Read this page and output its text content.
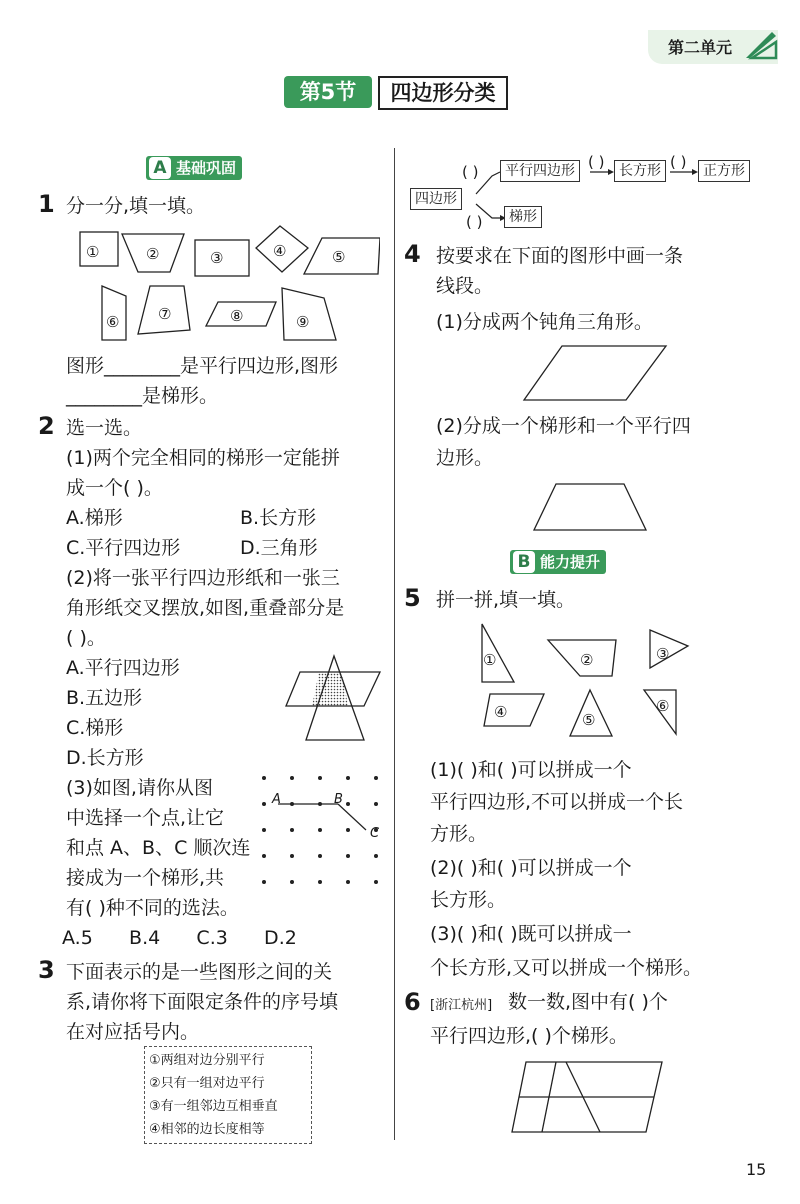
第二单元
第5节	四边形分类
A 基础巩固
1 分一分,填一填。
①	②	③	④	⑤
⑥	⑦	⑧	⑨
图形________是平行四边形,图形
________是梯形。
2 选一选。
(1)两个完全相同的梯形一定能拼
成一个( )。
A.梯形	B.长方形
C.平行四边形	D.三角形
(2)将一张平行四边形纸和一张三
角形纸交叉摆放,如图,重叠部分是
( )。
A.平行四边形
B.五边形
C.梯形
D.长方形
(3)如图,请你从图
中选择一个点,让它
和点 A、B、C 顺次连
接成为一个梯形,共
有( )种不同的选法。
A.5      B.4      C.3      D.2
A	B
C
3 下面表示的是一些图形之间的关
系,请你将下面限定条件的序号填
在对应括号内。
①两组对边分别平行
②只有一组对边平行
③有一组邻边互相垂直
④相邻的边长度相等
四边形
平行四边形	长方形	正方形
梯形
( )
( )	( )
( )
4 按要求在下面的图形中画一条
线段。
(1)分成两个钝角三角形。
(2)分成一个梯形和一个平行四
边形。
B 能力提升
5 拼一拼,填一填。
①	②	③
④	⑤
⑥
(1)( )和( )可以拼成一个
平行四边形,不可以拼成一个长
方形。
(2)( )和( )可以拼成一个
长方形。
(3)( )和( )既可以拼成一
个长方形,又可以拼成一个梯形。
6 [浙江杭州] 数一数,图中有( )个
平行四边形,( )个梯形。
15
